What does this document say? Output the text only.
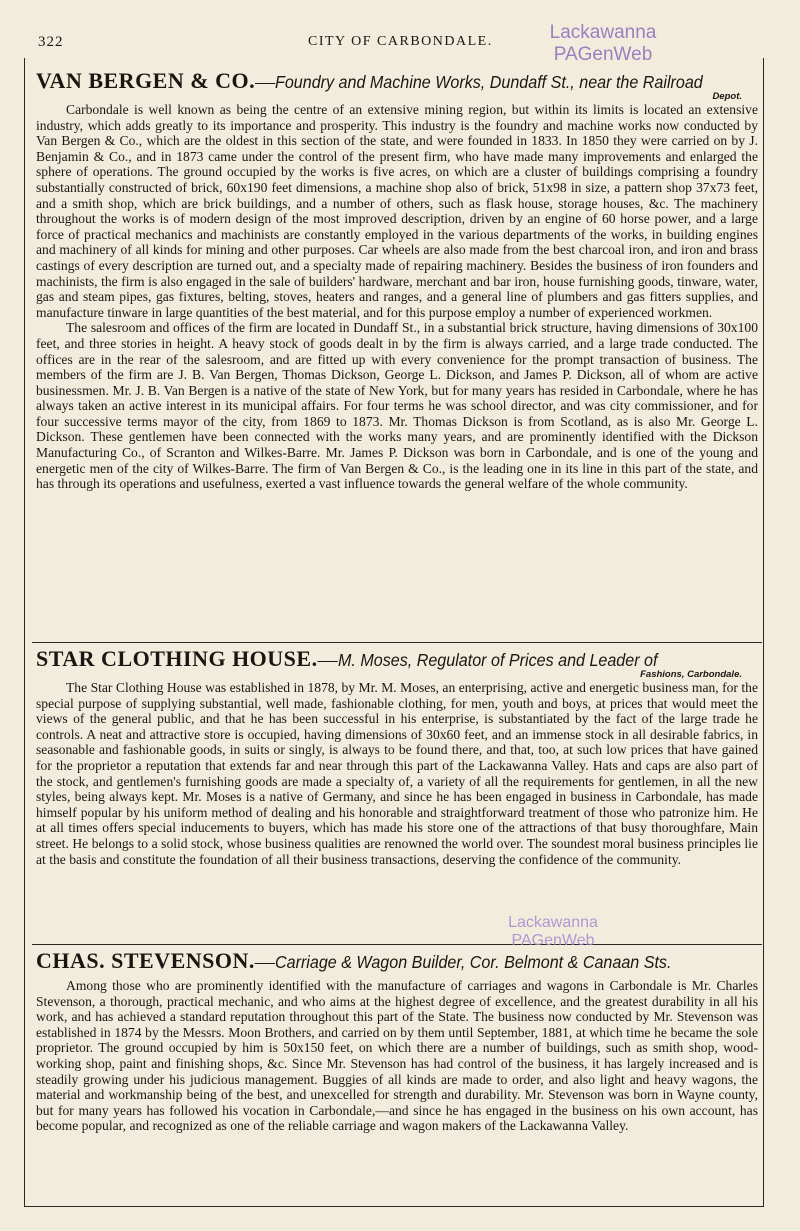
322	CITY OF CARBONDALE.	Lackawanna
PAGenWeb
VAN BERGEN & CO. — Foundry and Machine Works, Dundaff St., near the Railroad
Depot.

Carbondale is well known as being the centre of an extensive mining region, but within its limits is located an extensive industry, which adds greatly to its importance and prosperity. This industry is the foundry and machine works now conducted by Van Bergen & Co., which are the oldest in this section of the state, and were founded in 1833. In 1850 they were carried on by J. Benjamin & Co., and in 1873 came under the control of the present firm, who have made many improvements and enlarged the sphere of operations. The ground occupied by the works is five acres, on which are a cluster of buildings comprising a foundry substantially constructed of brick, 60x190 feet dimensions, a machine shop also of brick, 51x98 in size, a pattern shop 37x73 feet, and a smith shop, which are brick buildings, and a number of others, such as flask house, storage houses, &c. The machinery throughout the works is of modern design of the most improved description, driven by an engine of 60 horse power, and a large force of practical mechanics and machinists are constantly employed in the various departments of the works, in building engines and machinery of all kinds for mining and other purposes. Car wheels are also made from the best charcoal iron, and iron and brass castings of every description are turned out, and a specialty made of repairing machinery. Besides the business of iron founders and machinists, the firm is also engaged in the sale of builders' hardware, merchant and bar iron, house furnishing goods, tinware, water, gas and steam pipes, gas fixtures, belting, stoves, heaters and ranges, and a general line of plumbers and gas fitters supplies, and manufacture tinware in large quantities of the best material, and for this purpose employ a number of experienced workmen.

The salesroom and offices of the firm are located in Dundaff St., in a substantial brick structure, having dimensions of 30x100 feet, and three stories in height. A heavy stock of goods dealt in by the firm is always carried, and a large trade conducted. The offices are in the rear of the salesroom, and are fitted up with every convenience for the prompt transaction of business. The members of the firm are J. B. Van Bergen, Thomas Dickson, George L. Dickson, and James P. Dickson, all of whom are active businessmen. Mr. J. B. Van Bergen is a native of the state of New York, but for many years has resided in Carbondale, where he has always taken an active interest in its municipal affairs. For four terms he was school director, and was city commissioner, and for four successive terms mayor of the city, from 1869 to 1873. Mr. Thomas Dickson is from Scotland, as is also Mr. George L. Dickson. These gentlemen have been connected with the works many years, and are prominently identified with the Dickson Manufacturing Co., of Scranton and Wilkes-Barre. Mr. James P. Dickson was born in Carbondale, and is one of the young and energetic men of the city of Wilkes-Barre. The firm of Van Bergen & Co., is the leading one in its line in this part of the state, and has through its operations and usefulness, exerted a vast influence towards the general welfare of the whole community.

STAR CLOTHING HOUSE. — M. Moses, Regulator of Prices and Leader of
Fashions, Carbondale.

The Star Clothing House was established in 1878, by Mr. M. Moses, an enterprising, active and energetic business man, for the special purpose of supplying substantial, well made, fashionable clothing, for men, youth and boys, at prices that would meet the views of the general public, and that he has been successful in his enterprise, is substantiated by the fact of the large trade he controls. A neat and attractive store is occupied, having dimensions of 30x60 feet, and an immense stock in all desirable fabrics, in seasonable and fashionable goods, in suits or singly, is always to be found there, and that, too, at such low prices that have gained for the proprietor a reputation that extends far and near through this part of the Lackawanna Valley. Hats and caps are also part of the stock, and gentlemen's furnishing goods are made a specialty of, a variety of all the requirements for gentlemen, in all the new styles, being always kept. Mr. Moses is a native of Germany, and since he has been engaged in business in Carbondale, has made himself popular by his uniform method of dealing and his honorable and straightforward treatment of those who patronize him. He at all times offers special inducements to buyers, which has made his store one of the attractions of that busy thoroughfare, Main street. He belongs to a solid stock, whose business qualities are renowned the world over. The soundest moral business principles lie at the basis and constitute the foundation of all their business transactions, deserving the confidence of the community.

Lackawanna
PAGenWeb
CHAS. STEVENSON. — Carriage & Wagon Builder, Cor. Belmont & Canaan Sts.

Among those who are prominently identified with the manufacture of carriages and wagons in Carbondale is Mr. Charles Stevenson, a thorough, practical mechanic, and who aims at the highest degree of excellence, and the greatest durability in all his work, and has achieved a standard reputation throughout this part of the State. The business now conducted by Mr. Stevenson was established in 1874 by the Messrs. Moon Brothers, and carried on by them until September, 1881, at which time he became the sole proprietor. The ground occupied by him is 50x150 feet, on which there are a number of buildings, such as smith shop, wood-working shop, paint and finishing shops, &c. Since Mr. Stevenson has had control of the business, it has largely increased and is steadily growing under his judicious management. Buggies of all kinds are made to order, and also light and heavy wagons, the material and workmanship being of the best, and unexcelled for strength and durability. Mr. Stevenson was born in Wayne county, but for many years has followed his vocation in Carbondale,—and since he has engaged in the business on his own account, has become popular, and recognized as one of the reliable carriage and wagon makers of the Lackawanna Valley.
